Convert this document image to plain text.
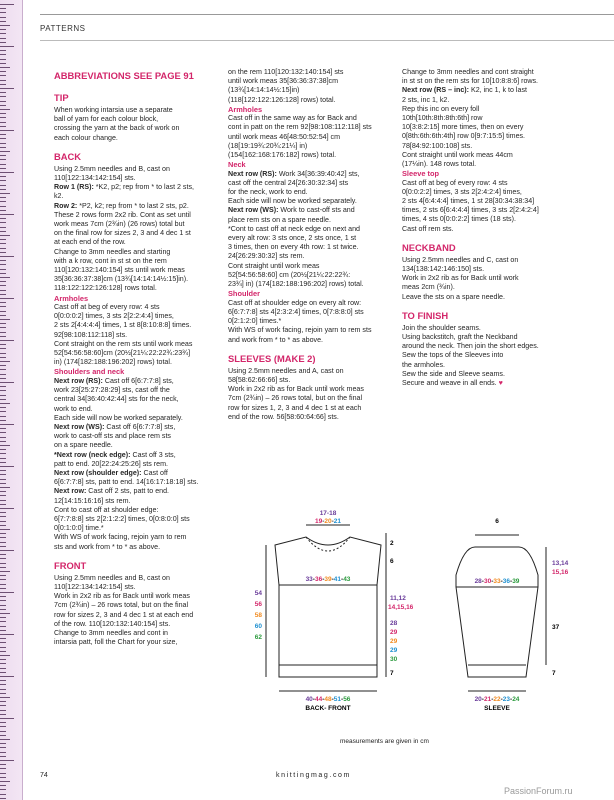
PATTERNS
ABBREVIATIONS SEE PAGE 91
TIP

When working intarsia use a separate

ball of yarn for each colour block,

crossing the yarn at the back of work on

each colour change.

BACK

Using 2.5mm needles and B, cast on

110[122:134:142:154] sts.

Row 1 (RS): *K2, p2; rep from * to last 2 sts,

k2.

Row 2: *P2, k2; rep from * to last 2 sts, p2.

These 2 rows form 2x2 rib. Cont as set until

work meas 7cm (2¾in) (26 rows) total but

on the final row for sizes 2, 3 and 4 dec 1 st

at each end of the row.

Change to 3mm needles and starting

with a k row, cont in st st on the rem

110[120:132:140:154] sts until work meas

35[36:36:37:38]cm (13¾[14:14:14½:15]in).

118:122:122:126:128] rows total.

Armholes

Cast off at beg of every row: 4 sts

0[0:0:0:2] times, 3 sts 2[2:2:4:4] times,

2 sts 2[4:4:4:4] times, 1 st 8[8:10:8:8] times.

92[98:108:112:118] sts.

Cont straight on the rem sts until work meas

52[54:56:58:60]cm (20½[21¼:22:22¾:23¾]

in) (174[182:188:196:202] rows) total.

Shoulders and neck

Next row (RS): Cast off 6[6:7:7:8] sts,

work 23[25:27:28:29] sts, cast off the

central 34[36:40:42:44] sts for the neck,

work to end.

Each side will now be worked separately.

Next row (WS): Cast off 6[6:7:7:8] sts,

work to cast-off sts and place rem sts

on a spare needle.

*Next row (neck edge): Cast off 3 sts,

patt to end. 20[22:24:25:26] sts rem.

Next row (shoulder edge): Cast off

6[6:7:7:8] sts, patt to end. 14[16:17:18:18] sts.

Next row: Cast off 2 sts, patt to end.

12[14:15:16:16] sts rem.

Cont to cast off at shoulder edge:

6[7:7:8:8] sts 2[2:1:2:2] times, 0[0:8:0:0] sts

0[0:1:0:0] time.*

With WS of work facing, rejoin yarn to rem

sts and work from * to * as above.

FRONT

Using 2.5mm needles and B, cast on

110[122:134:142:154] sts.

Work in 2x2 rib as for Back until work meas

7cm (2¾in) – 26 rows total, but on the final

row for sizes 2, 3 and 4 dec 1 st at each end

of the row. 110[120:132:140:154] sts.

Change to 3mm needles and cont in

intarsia patt, foll the Chart for your size,

on the rem 110[120:132:140:154] sts

until work meas 35[36:36:37:38]cm

(13¾[14:14:14½:15]in)

(118[122:122:126:128] rows) total.

Armholes

Cast off in the same way as for Back and

cont in patt on the rem 92[98:108:112:118] sts

until work meas 46[48:50:52:54] cm

(18[19:19¾:20¾:21¼] in)

(154[162:168:176:182] rows) total.

Neck

Next row (RS): Work 34[36:39:40:42] sts,

cast off the central 24[26:30:32:34] sts

for the neck, work to end.

Each side will now be worked separately.

Next row (WS): Work to cast-off sts and

place rem sts on a spare needle.

*Cont to cast off at neck edge on next and

every alt row: 3 sts once, 2 sts once, 1 st

3 times, then on every 4th row: 1 st twice.

24[26:29:30:32] sts rem.

Cont straight until work meas

52[54:56:58:60] cm (20½[21¼:22:22¾:

23¾] in) (174[182:188:196:202] rows) total.

Shoulder

Cast off at shoulder edge on every alt row:

6[6:7:7:8] sts 4[2:3:2:4] times, 0[7:8:8:0] sts

0[2:1:2:0] times.*

With WS of work facing, rejoin yarn to rem sts

and work from * to * as above.

SLEEVES (MAKE 2)

Using 2.5mm needles and A, cast on

58[58:62:66:66] sts.

Work in 2x2 rib as for Back until work meas

7cm (2¾in) – 26 rows total, but on the final

row for sizes 1, 2, 3 and 4 dec 1 st at each

end of the row. 56[58:60:64:66] sts.

Change to 3mm needles and cont straight

in st st on the rem sts for 10[10:8:8:6] rows.

Next row (RS – inc): K2, inc 1, k to last

2 sts, inc 1, k2.

Rep this inc on every foll

10th[10th:8th:8th:6th] row

10[3:8:2:15] more times, then on every

0[8th:6th:6th:4th] row 0[9:7:15:5] times.

78[84:92:100:108] sts.

Cont straight until work meas 44cm

(17¼in). 148 rows total.

Sleeve top

Cast off at beg of every row: 4 sts

0[0:0:2:2] times, 3 sts 2[2:4:2:4] times,

2 sts 4[6:4:4:4] times, 1 st 28[30:34:38:34]

times, 2 sts 6[6:4:4:4] times, 3 sts 2[2:4:2:4]

times, 4 sts 0[0:0:2:2] times (18 sts).

Cast off rem sts.

NECKBAND

Using 2.5mm needles and C, cast on

134[138:142:146:150] sts.

Work in 2x2 rib as for Back until work

meas 2cm (¾in).

Leave the sts on a spare needle.

TO FINISH

Join the shoulder seams.

Using backstitch, graft the Neckband

around the neck. Then join the short edges.

Sew the tops of the Sleeves into

the armholes.

Sew the side and Sleeve seams.

Secure and weave in all ends. ♥

17-18
19-20-21
33-36-39-41-43
2
6
11,12
14,15,16
54
56
58
60
62
28
29
29
29
30
7
40-44-48-51-56
BACK- FRONT
6
13,14
15,16
28-30-33-36-39
37
7
20-21-22-23-24
SLEEVE
measurements are given in cm
74	knittingmag.com
PassionForum.ru
